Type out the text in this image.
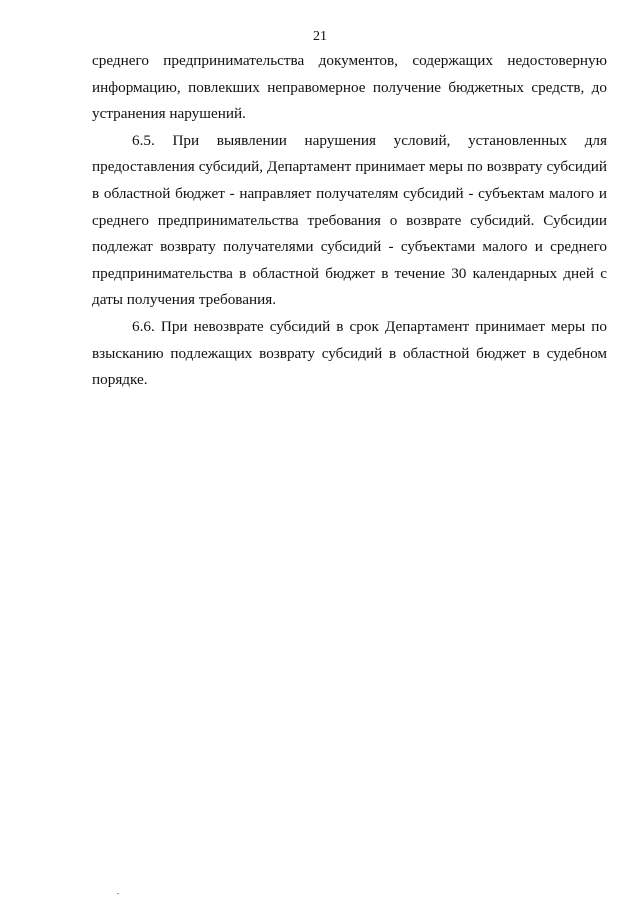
21

среднего предпринимательства документов, содержащих недостоверную информацию, повлекших неправомерное получение бюджетных средств, до устранения нарушений.

6.5. При выявлении нарушения условий, установленных для предоставления субсидий, Департамент принимает меры по возврату субсидий в областной бюджет - направляет получателям субсидий - субъектам малого и среднего предпринимательства требования о возврате субсидий. Субсидии подлежат возврату получателями субсидий - субъектами малого и среднего предпринимательства в областной бюджет в течение 30 календарных дней с даты получения требования.

6.6. При невозврате субсидий в срок Департамент принимает меры по взысканию подлежащих возврату субсидий в областной бюджет в судебном порядке.
